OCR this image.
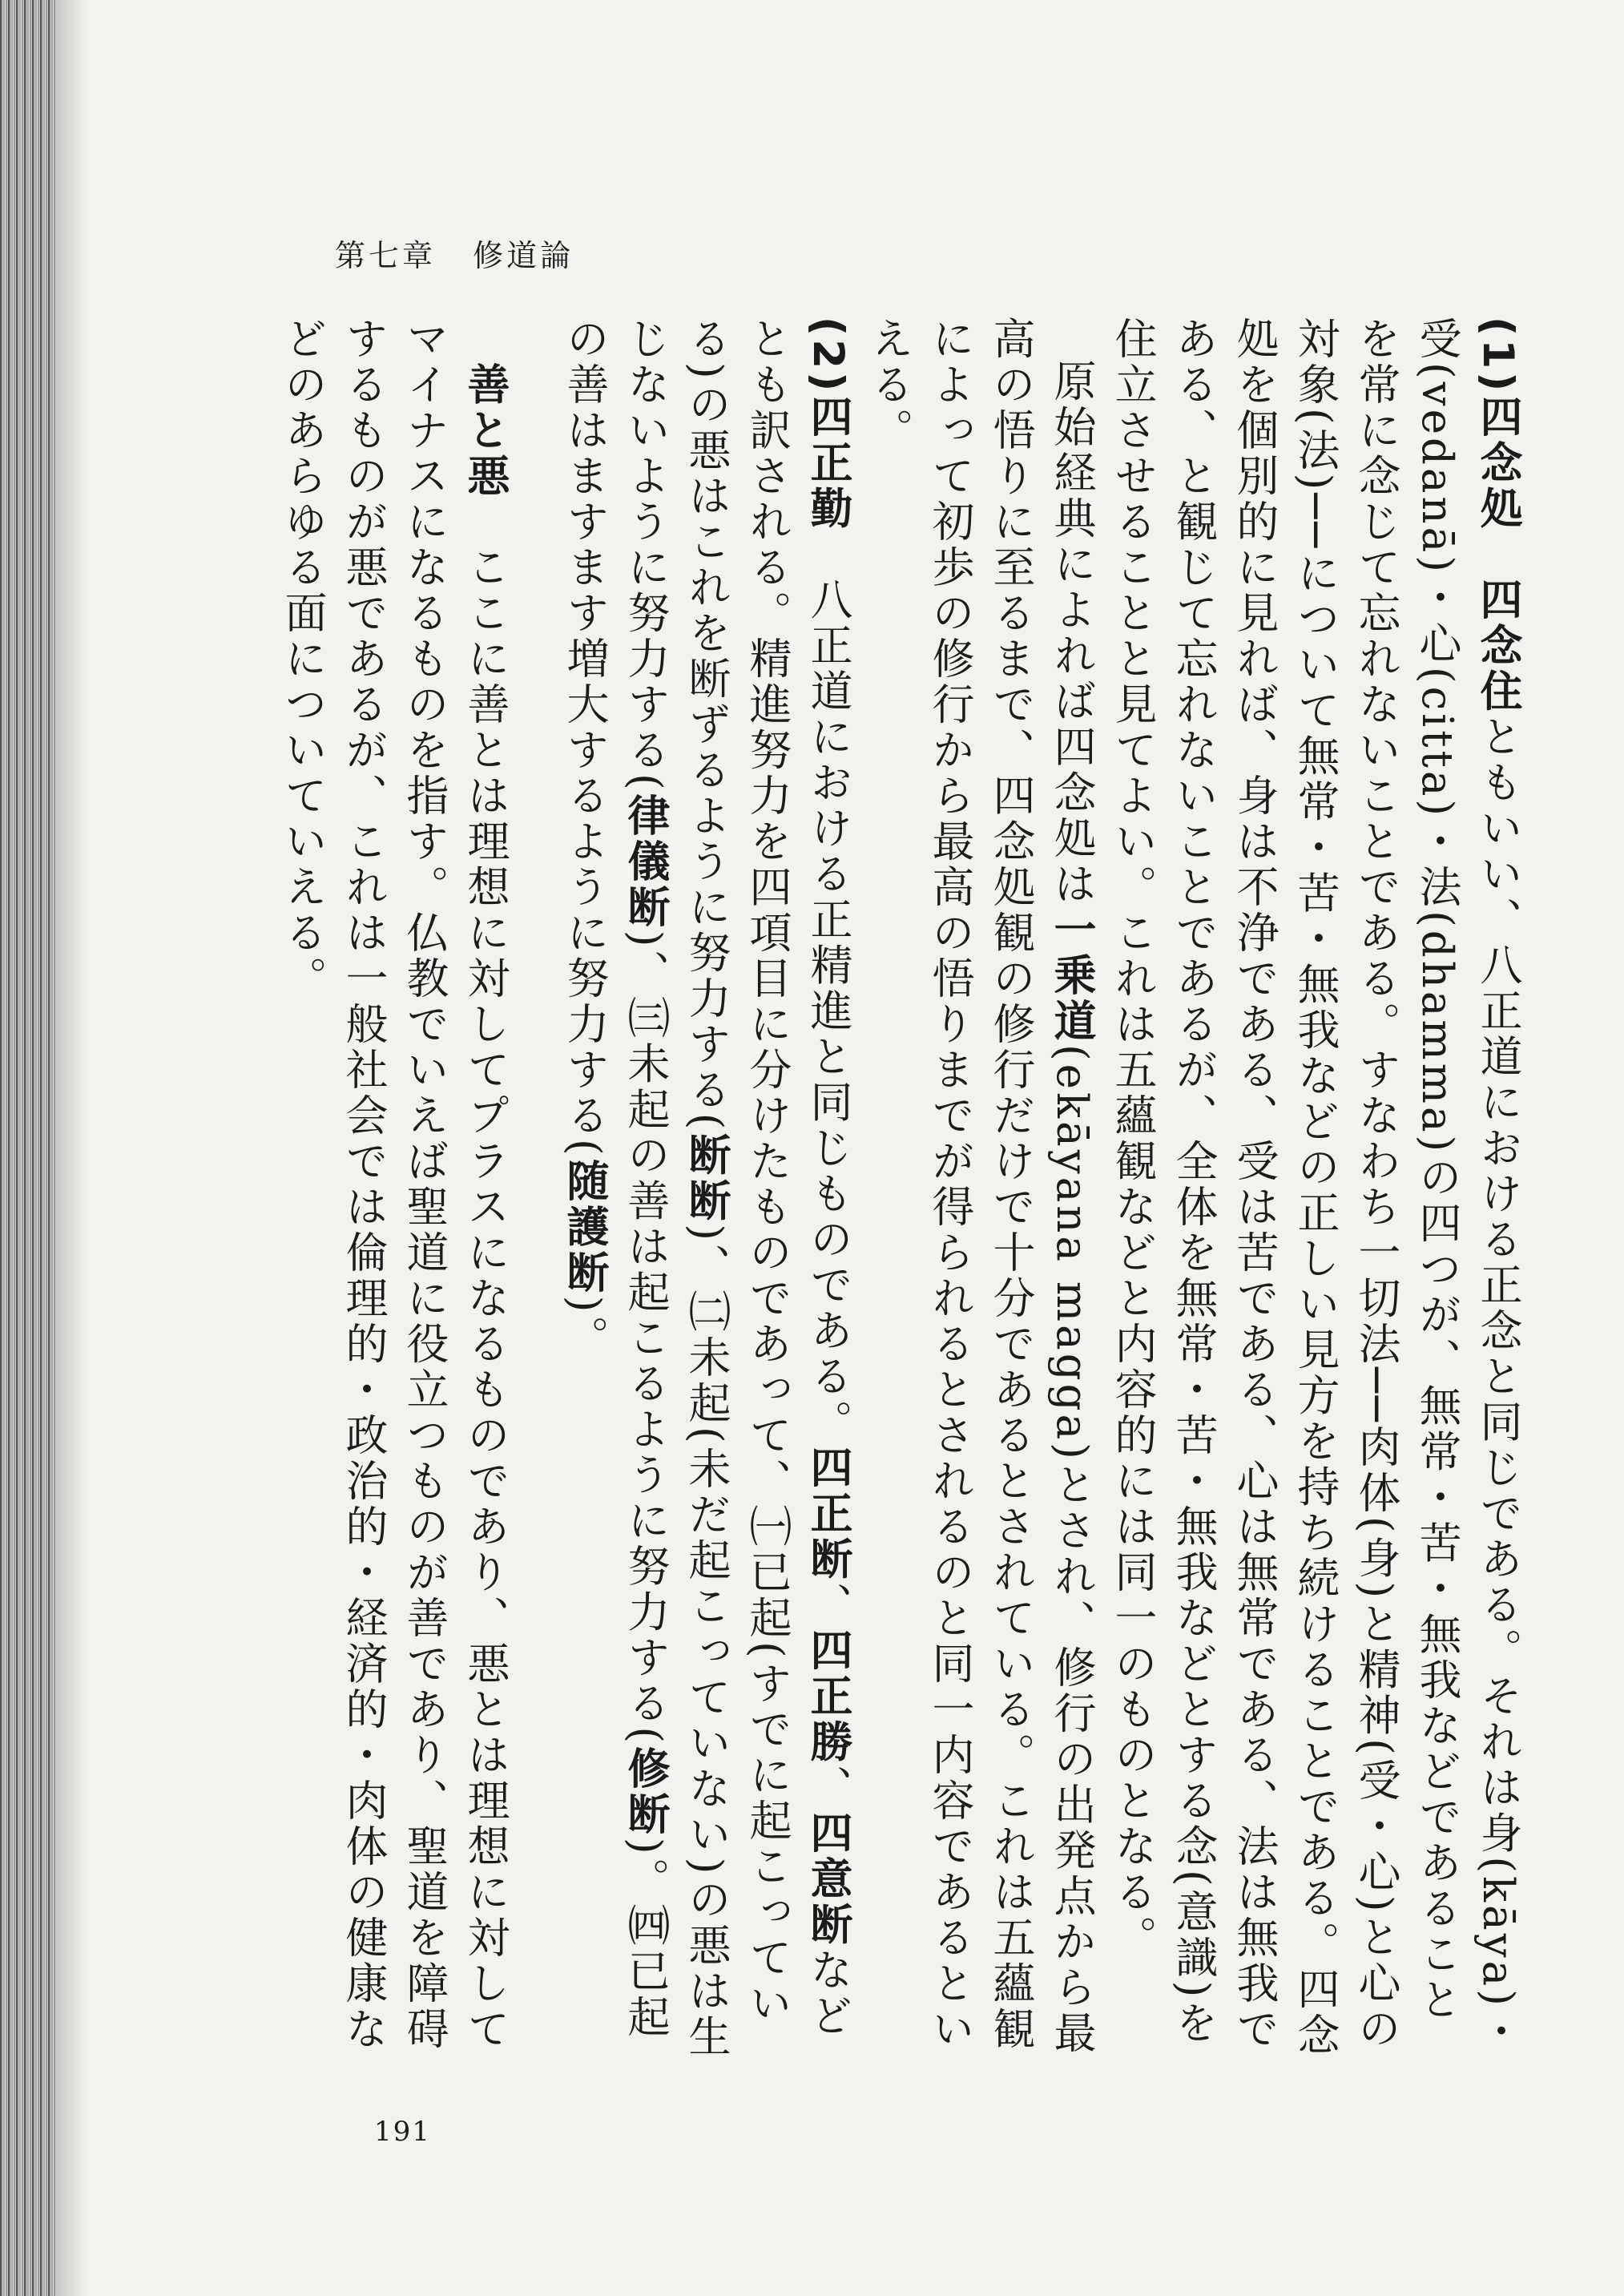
第七章 修道論

(1)四念処　四念住ともいい、八正道における正念と同じである。それは身(kāya)・受(vedanā)・心(citta)・法(dhamma)の四つが、無常・苦・無我などであることを常に念じて忘れないことである。すなわち一切法──肉体(身)と精神(受・心)と心の対象(法)──について無常・苦・無我などの正しい見方を持ち続けることである。四念処を個別的に見れば、身は不浄である、受は苦である、心は無常である、法は無我である、と観じて忘れないことであるが、全体を無常・苦・無我などとする念(意識)を住立させることと見てよい。これは五蘊観などと内容的には同一のものとなる。

原始経典によれば四念処は一乗道(ekāyana magga)とされ、修行の出発点から最高の悟りに至るまで、四念処観の修行だけで十分であるとされている。これは五蘊観によって初歩の修行から最高の悟りまでが得られるとされるのと同一内容であるといえる。

(2)四正勤　八正道における正精進と同じものである。四正断、四正勝、四意断などとも訳される。精進努力を四項目に分けたものであって、㈠已起(すでに起こっている)の悪はこれを断ずるように努力する(断断)、㈡未起(未だ起こっていない)の悪は生じないように努力する(律儀断)、㈢未起の善は起こるように努力する(修断)。㈣已起の善はますます増大するように努力する(随護断)。

　善と悪　ここに善とは理想に対してプラスになるものであり、悪とは理想に対してマイナスになるものを指す。仏教でいえば聖道に役立つものが善であり、聖道を障碍するものが悪であるが、これは一般社会では倫理的・政治的・経済的・肉体の健康などのあらゆる面についていえる。

191
